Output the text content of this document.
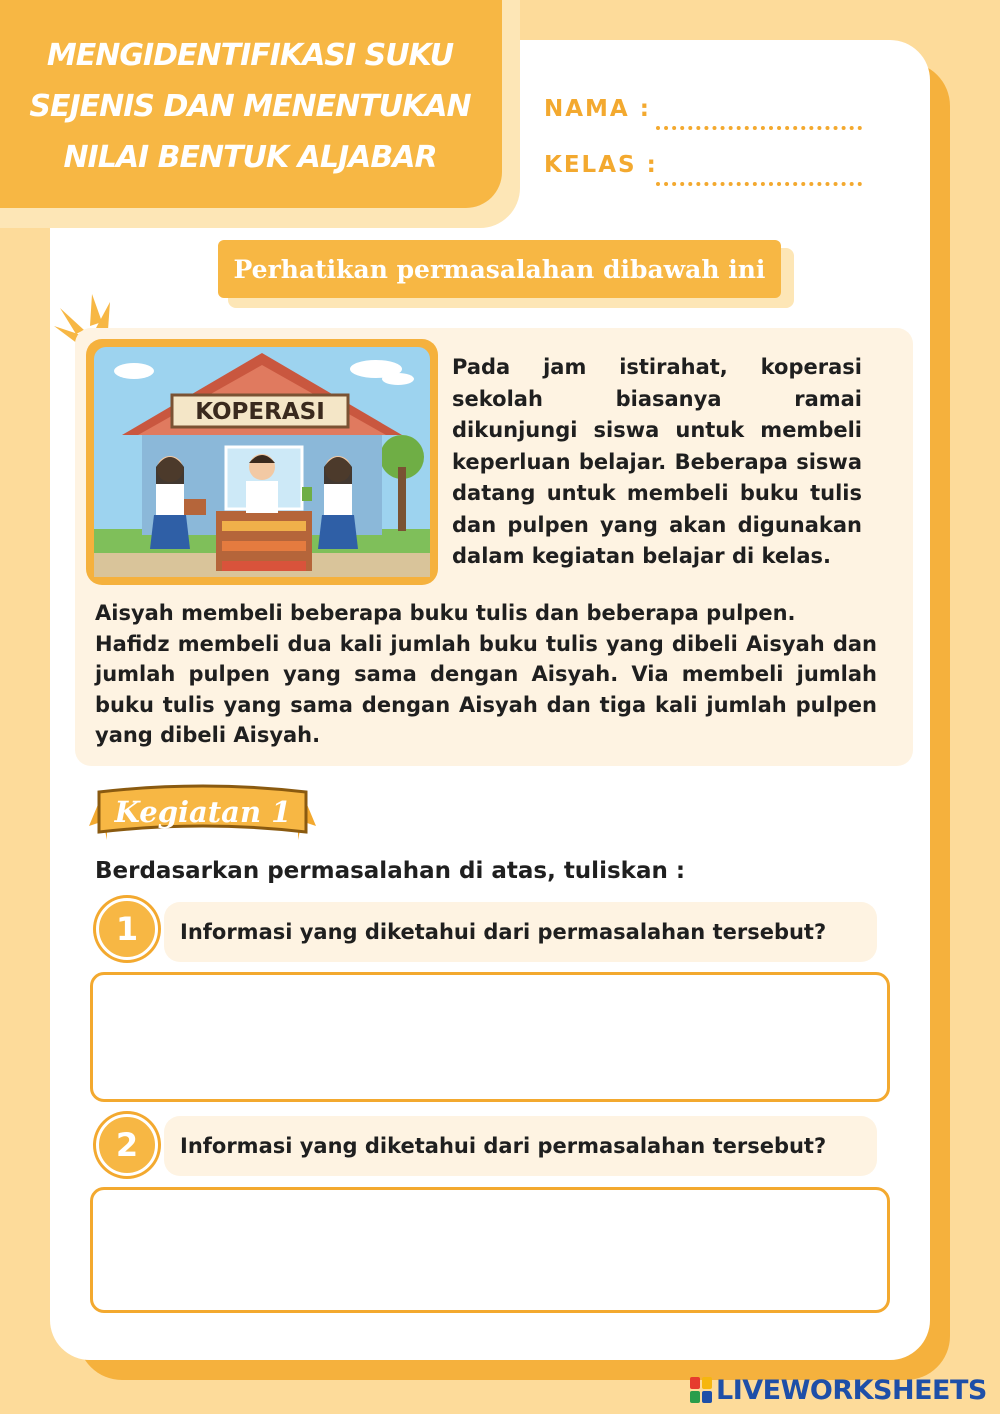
MENGIDENTIFIKASI SUKU
SEJENIS DAN MENENTUKAN
NILAI BENTUK ALJABAR
NAMA :
KELAS :
Perhatikan permasalahan dibawah ini
KOPERASI
Pada jam istirahat, koperasi sekolah biasanya ramai dikunjungi siswa untuk membeli keperluan belajar. Beberapa siswa datang untuk membeli buku tulis dan pulpen yang akan digunakan dalam kegiatan belajar di kelas.

Aisyah membeli beberapa buku tulis dan beberapa pulpen.

Hafidz membeli dua kali jumlah buku tulis yang dibeli Aisyah dan jumlah pulpen yang sama dengan Aisyah. Via membeli jumlah buku tulis yang sama dengan Aisyah dan tiga kali jumlah pulpen yang dibeli Aisyah.

Kegiatan 1
Berdasarkan permasalahan di atas, tuliskan :
1	Informasi yang diketahui dari permasalahan tersebut?
2	Informasi yang diketahui dari permasalahan tersebut?
LIVEWORKSHEETS
